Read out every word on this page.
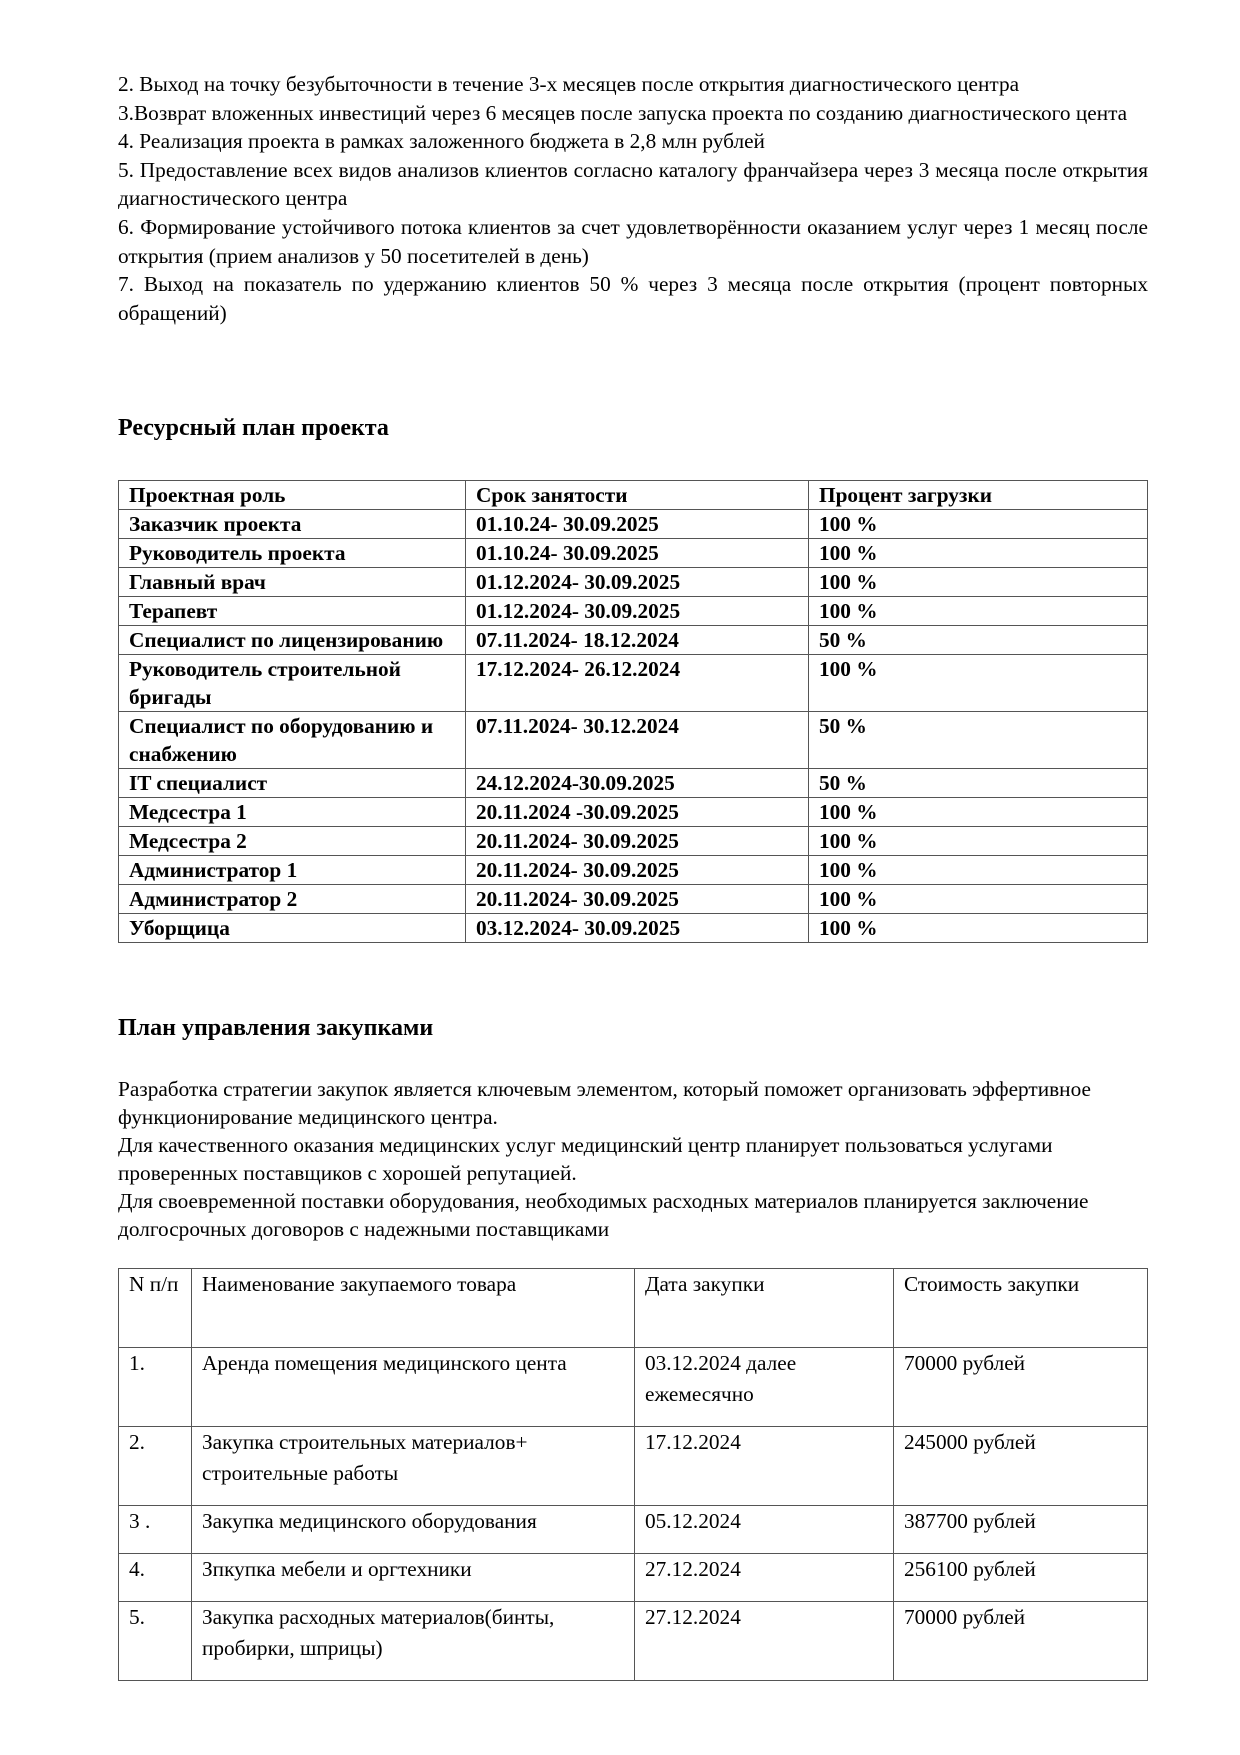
2. Выход на точку безубыточности в течение 3-х месяцев после открытия диагностического центра

3.Возврат вложенных инвестиций через 6 месяцев после запуска проекта по созданию диагностического цента

4. Реализация проекта в рамках заложенного бюджета в 2,8 млн рублей

5. Предоставление всех видов анализов клиентов согласно каталогу франчайзера через 3 месяца после открытия диагностического центра

6. Формирование устойчивого потока клиентов за счет удовлетворённости оказанием услуг через 1 месяц после открытия (прием анализов у 50 посетителей в день)

7. Выход на показатель по удержанию клиентов 50 % через 3 месяца после открытия (процент повторных обращений)

Ресурсный план проекта
Проектная роль	Срок занятости	Процент загрузки
Заказчик проекта	01.10.24- 30.09.2025	100 %
Руководитель проекта	01.10.24- 30.09.2025	100 %
Главный врач	01.12.2024- 30.09.2025	100 %
Терапевт	01.12.2024- 30.09.2025	100 %
Специалист по лицензированию	07.11.2024- 18.12.2024	50 %
Руководитель строительной бригады	17.12.2024- 26.12.2024	100 %
Специалист по оборудованию и снабжению	07.11.2024- 30.12.2024	50 %
IT специалист	24.12.2024-30.09.2025	50 %
Медсестра 1	20.11.2024 -30.09.2025	100 %
Медсестра 2	20.11.2024- 30.09.2025	100 %
Администратор 1	20.11.2024- 30.09.2025	100 %
Администратор 2	20.11.2024- 30.09.2025	100 %
Уборщица	03.12.2024- 30.09.2025	100 %
План управления закупками

Разработка стратегии закупок является ключевым элементом, который поможет организовать эффертивное функционирование медицинского центра.

Для качественного оказания медицинских услуг медицинский центр планирует пользоваться услугами проверенных поставщиков с хорошей репутацией.

Для своевременной поставки оборудования, необходимых расходных материалов планируется заключение долгосрочных договоров с надежными поставщиками

N п/п	Наименование закупаемого товара	Дата закупки	Стоимость закупки
1.	Аренда помещения медицинского цента	03.12.2024 далее ежемесячно	70000 рублей
2.	Закупка строительных материалов+ строительные работы	17.12.2024	245000 рублей
3 .	Закупка медицинского оборудования	05.12.2024	387700 рублей
4.	Зпкупка мебели и оргтехники	27.12.2024	256100 рублей
5.	Закупка расходных материалов(бинты, пробирки, шприцы)	27.12.2024	70000 рублей
